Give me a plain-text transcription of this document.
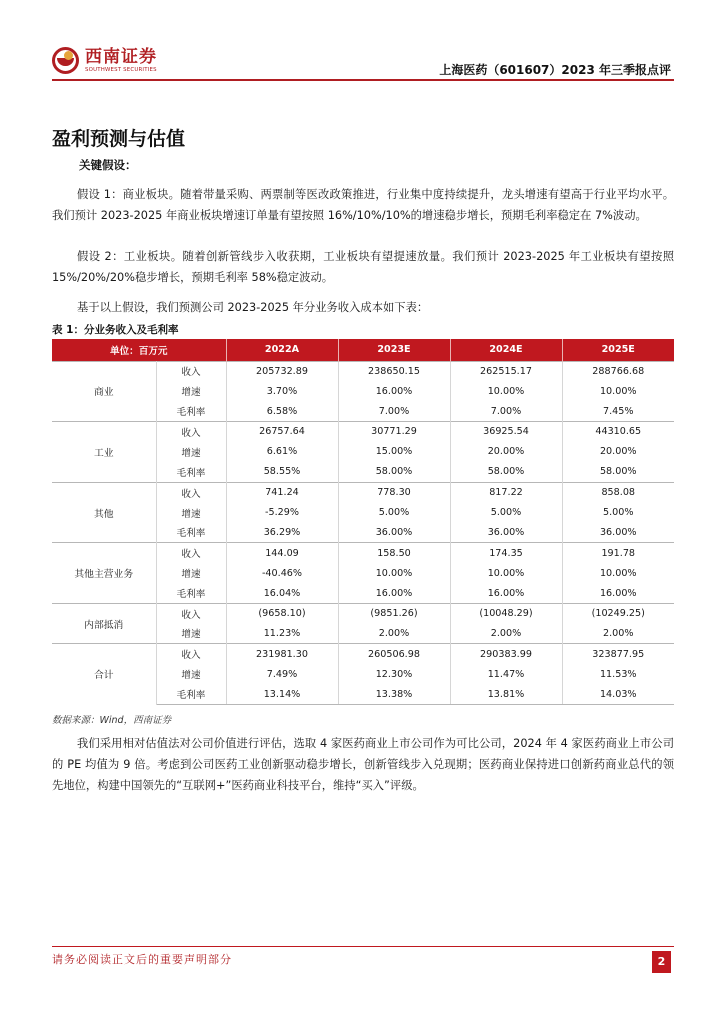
西南证券
SOUTHWEST SECURITIES	上海医药（601607）2023 年三季报点评
盈利预测与估值
关键假设：

假设 1：商业板块。随着带量采购、两票制等医改政策推进，行业集中度持续提升，龙头增速有望高于行业平均水平。我们预计 2023-2025 年商业板块增速订单量有望按照 16%/10%/10%的增速稳步增长，预期毛利率稳定在 7%波动。

假设 2：工业板块。随着创新管线步入收获期，工业板块有望提速放量。我们预计 2023-2025 年工业板块有望按照 15%/20%/20%稳步增长，预期毛利率 58%稳定波动。

基于以上假设，我们预测公司 2023-2025 年分业务收入成本如下表：

表 1：分业务收入及毛利率
单位：百万元		2022A	2023E	2024E	2025E
商业	收入	205732.89	238650.15	262515.17	288766.68
	增速	3.70%	16.00%	10.00%	10.00%
	毛利率	6.58%	7.00%	7.00%	7.45%
工业	收入	26757.64	30771.29	36925.54	44310.65
	增速	6.61%	15.00%	20.00%	20.00%
	毛利率	58.55%	58.00%	58.00%	58.00%
其他	收入	741.24	778.30	817.22	858.08
	增速	-5.29%	5.00%	5.00%	5.00%
	毛利率	36.29%	36.00%	36.00%	36.00%
其他主营业务	收入	144.09	158.50	174.35	191.78
	增速	-40.46%	10.00%	10.00%	10.00%
	毛利率	16.04%	16.00%	16.00%	16.00%
内部抵消	收入	(9658.10)	(9851.26)	(10048.29)	(10249.25)
	增速	11.23%	2.00%	2.00%	2.00%
合计	收入	231981.30	260506.98	290383.99	323877.95
	增速	7.49%	12.30%	11.47%	11.53%
	毛利率	13.14%	13.38%	13.81%	14.03%
数据来源：Wind，西南证券

我们采用相对估值法对公司价值进行评估，选取 4 家医药商业上市公司作为可比公司，2024 年 4 家医药商业上市公司的 PE 均值为 9 倍。考虑到公司医药工业创新驱动稳步增长，创新管线步入兑现期；医药商业保持进口创新药商业总代的领先地位，构建中国领先的“互联网+”医药商业科技平台，维持“买入”评级。

请务必阅读正文后的重要声明部分	2
